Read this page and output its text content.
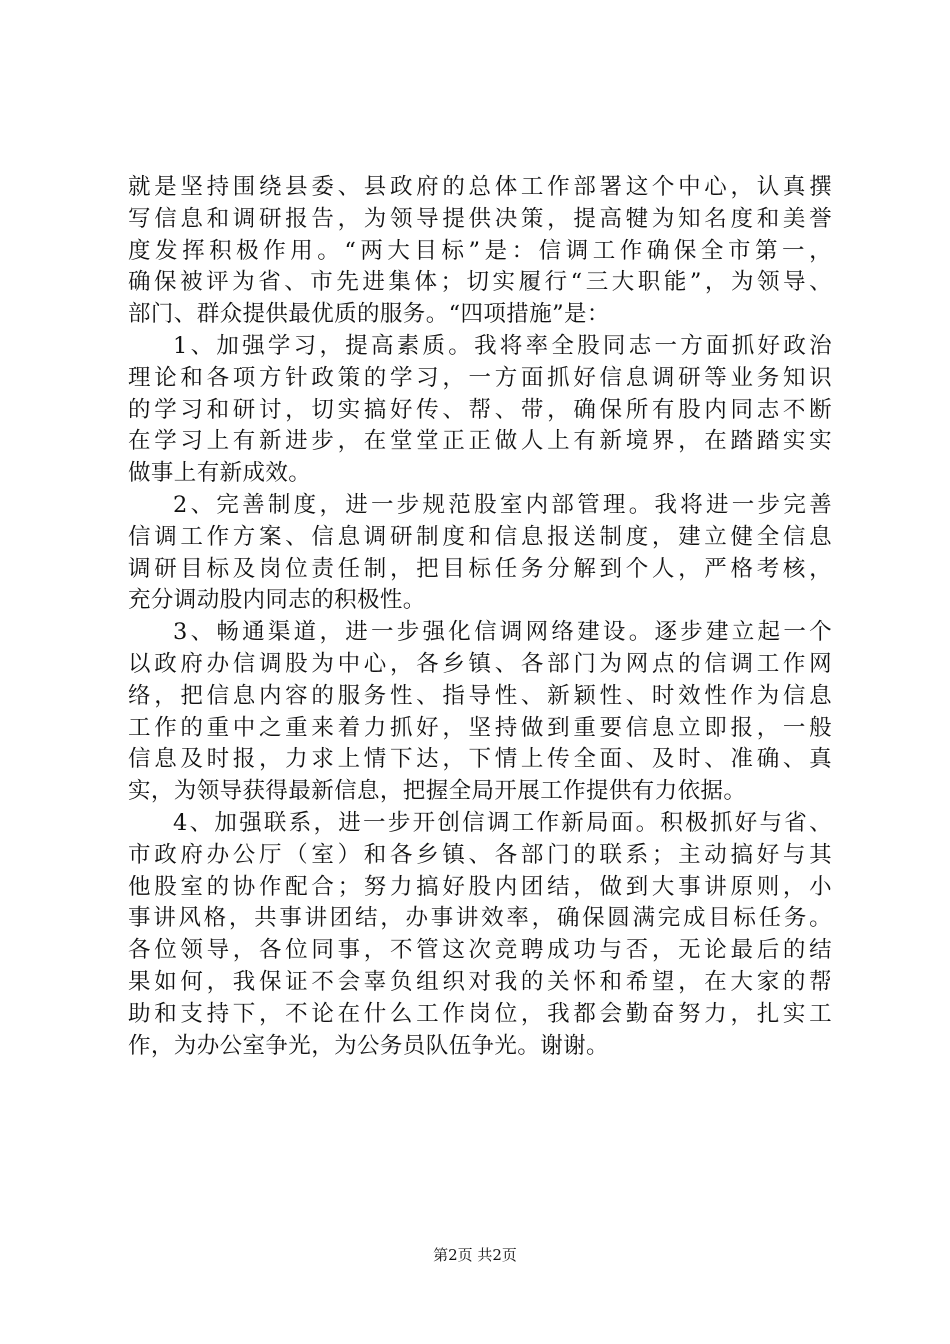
就是坚持围绕县委、县政府的总体工作部署这个中心，认真撰
写信息和调研报告，为领导提供决策，提高犍为知名度和美誉
度发挥积极作用。“两大目标”是：信调工作确保全市第一，
确保被评为省、市先进集体；切实履行“三大职能”，为领导、
部门、群众提供最优质的服务。“四项措施”是：
1、加强学习，提高素质。我将率全股同志一方面抓好政治
理论和各项方针政策的学习，一方面抓好信息调研等业务知识
的学习和研讨，切实搞好传、帮、带，确保所有股内同志不断
在学习上有新进步，在堂堂正正做人上有新境界，在踏踏实实
做事上有新成效。
2、完善制度，进一步规范股室内部管理。我将进一步完善
信调工作方案、信息调研制度和信息报送制度，建立健全信息
调研目标及岗位责任制，把目标任务分解到个人，严格考核，
充分调动股内同志的积极性。
3、畅通渠道，进一步强化信调网络建设。逐步建立起一个
以政府办信调股为中心，各乡镇、各部门为网点的信调工作网
络，把信息内容的服务性、指导性、新颖性、时效性作为信息
工作的重中之重来着力抓好，坚持做到重要信息立即报，一般
信息及时报，力求上情下达，下情上传全面、及时、准确、真
实，为领导获得最新信息，把握全局开展工作提供有力依据。
4、加强联系，进一步开创信调工作新局面。积极抓好与省、
市政府办公厅（室）和各乡镇、各部门的联系；主动搞好与其
他股室的协作配合；努力搞好股内团结，做到大事讲原则，小
事讲风格，共事讲团结，办事讲效率，确保圆满完成目标任务。
各位领导，各位同事，不管这次竞聘成功与否，无论最后的结
果如何，我保证不会辜负组织对我的关怀和希望，在大家的帮
助和支持下，不论在什么工作岗位，我都会勤奋努力，扎实工
作，为办公室争光，为公务员队伍争光。谢谢。
第2页 共2页
